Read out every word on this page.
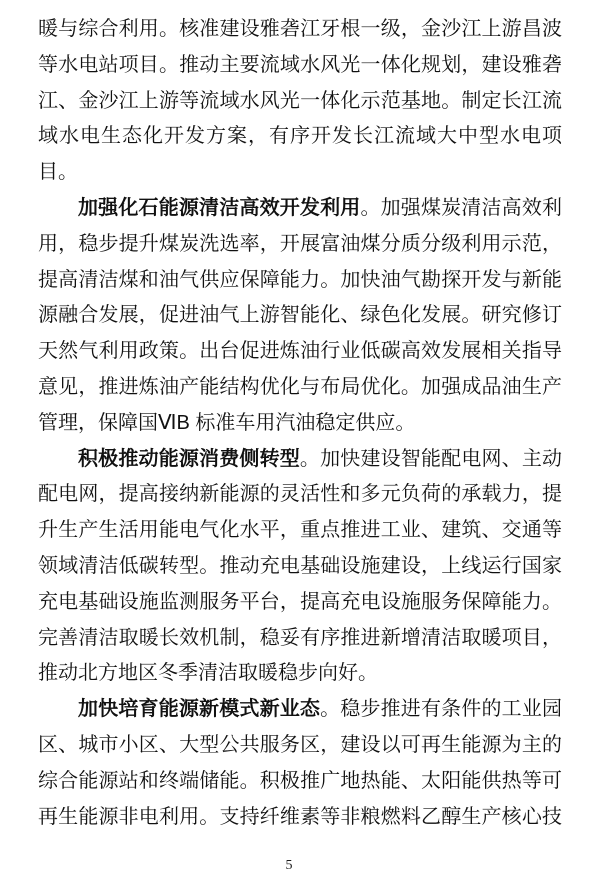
暖与综合利用。核准建设雅砻江牙根一级，金沙江上游昌波
等水电站项目。推动主要流域水风光一体化规划，建设雅砻
江、金沙江上游等流域水风光一体化示范基地。制定长江流
域水电生态化开发方案，有序开发长江流域大中型水电项
目。
加强化石能源清洁高效开发利用。加强煤炭清洁高效利
用，稳步提升煤炭洗选率，开展富油煤分质分级利用示范，
提高清洁煤和油气供应保障能力。加快油气勘探开发与新能
源融合发展，促进油气上游智能化、绿色化发展。研究修订
天然气利用政策。出台促进炼油行业低碳高效发展相关指导
意见，推进炼油产能结构优化与布局优化。加强成品油生产
管理，保障国ⅥB 标准车用汽油稳定供应。
积极推动能源消费侧转型。加快建设智能配电网、主动
配电网，提高接纳新能源的灵活性和多元负荷的承载力，提
升生产生活用能电气化水平，重点推进工业、建筑、交通等
领域清洁低碳转型。推动充电基础设施建设，上线运行国家
充电基础设施监测服务平台，提高充电设施服务保障能力。
完善清洁取暖长效机制，稳妥有序推进新增清洁取暖项目，
推动北方地区冬季清洁取暖稳步向好。
加快培育能源新模式新业态。稳步推进有条件的工业园
区、城市小区、大型公共服务区，建设以可再生能源为主的
综合能源站和终端储能。积极推广地热能、太阳能供热等可
再生能源非电利用。支持纤维素等非粮燃料乙醇生产核心技
5
